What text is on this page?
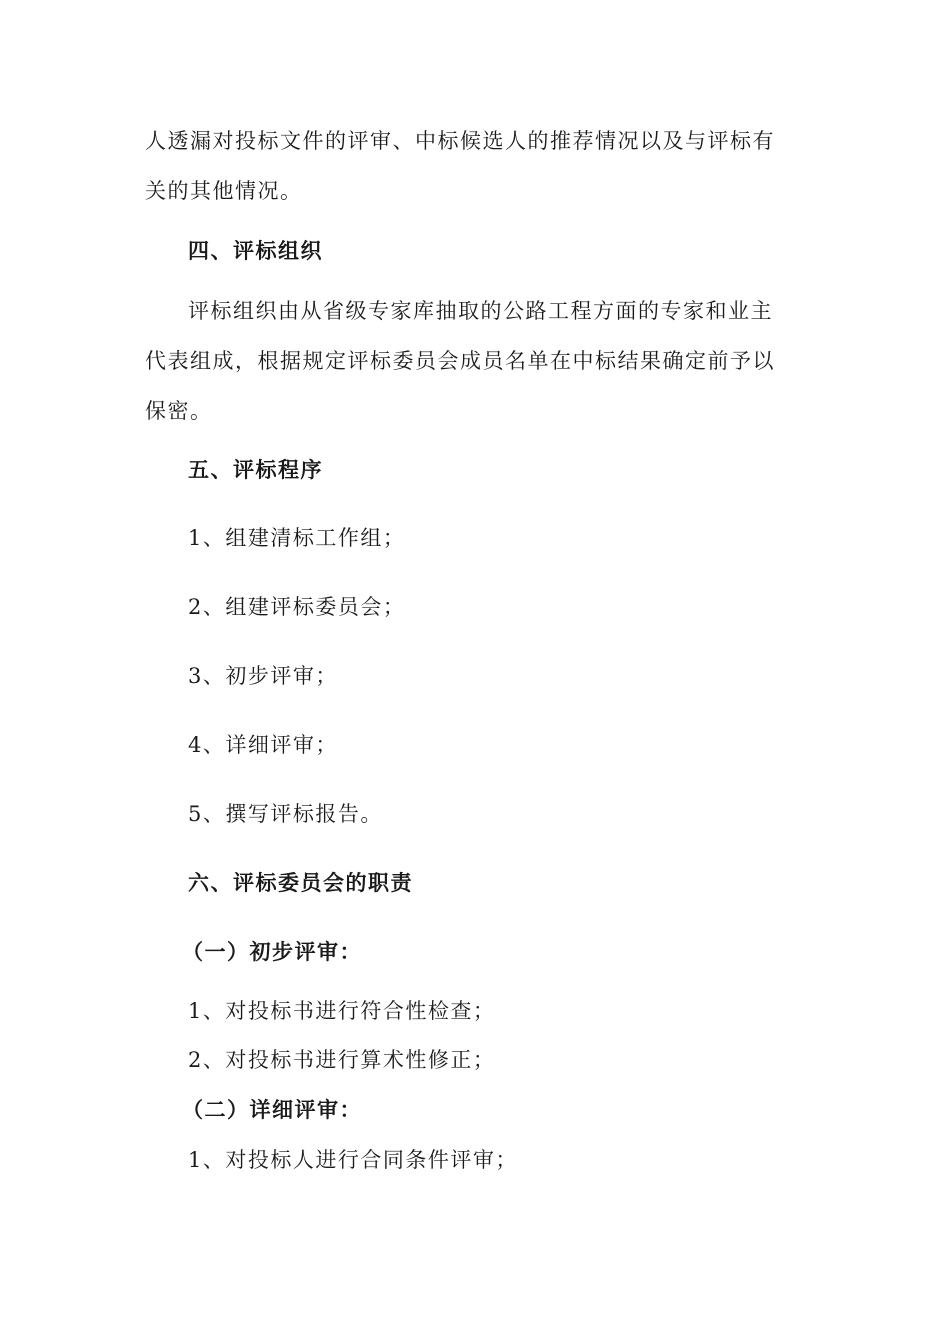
人透漏对投标文件的评审、中标候选人的推荐情况以及与评标有
关的其他情况。
四、评标组织
评标组织由从省级专家库抽取的公路工程方面的专家和业主
代表组成，根据规定评标委员会成员名单在中标结果确定前予以
保密。
五、评标程序
1、组建清标工作组；
2、组建评标委员会；
3、初步评审；
4、详细评审；
5、撰写评标报告。
六、评标委员会的职责
（一）初步评审：
1、对投标书进行符合性检查；
2、对投标书进行算术性修正；
（二）详细评审：
1、对投标人进行合同条件评审；
